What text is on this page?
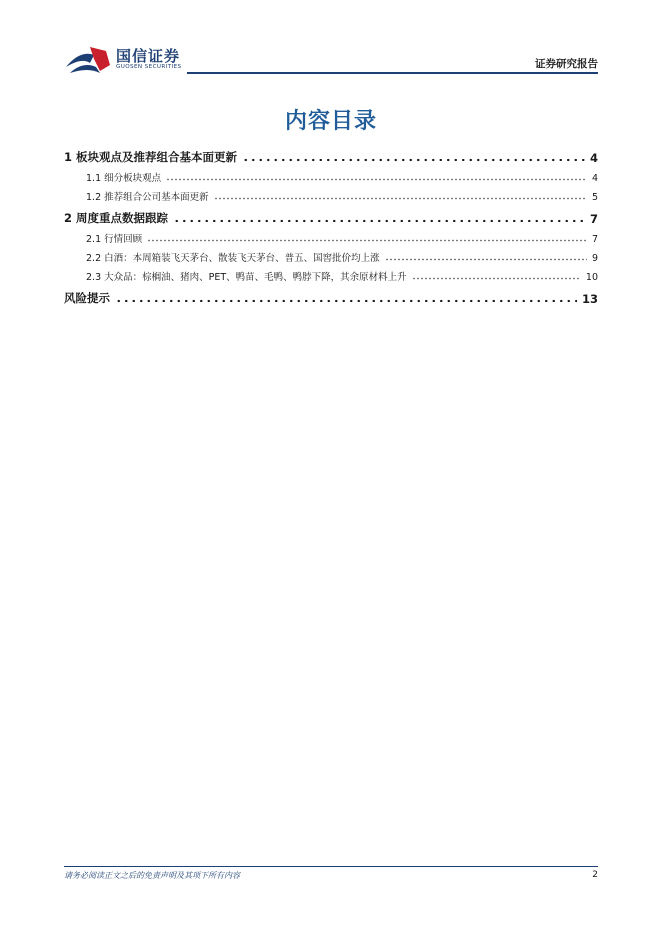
国信证券
GUOSEN SECURITIES	证券研究报告
内容目录
1 板块观点及推荐组合基本面更新	4
1.1 细分板块观点	4
1.2 推荐组合公司基本面更新	5
2 周度重点数据跟踪	7
2.1 行情回顾	7
2.2 白酒：本周箱装飞天茅台、散装飞天茅台、普五、国窖批价均上涨	9
2.3 大众品：棕榈油、猪肉、PET、鸭苗、毛鸭、鸭脖下降，其余原材料上升	10
风险提示	13
请务必阅读正文之后的免责声明及其项下所有内容	2
